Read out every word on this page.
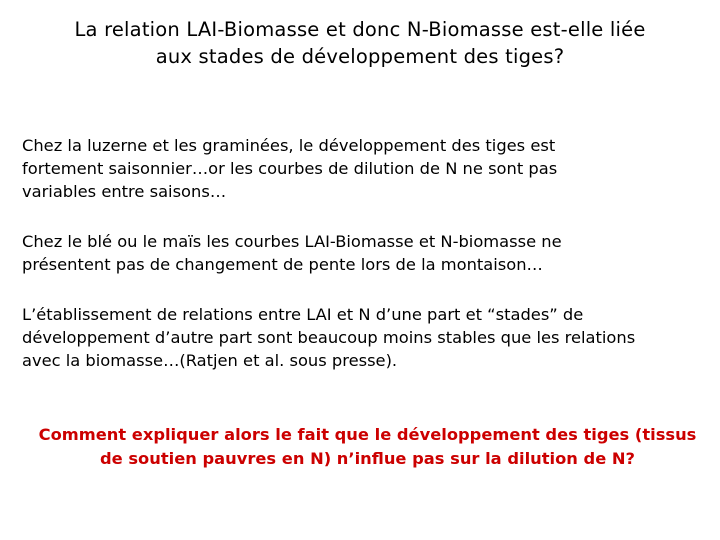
La relation LAI-Biomasse et donc N-Biomasse est-elle liée
aux stades de développement des tiges?
Chez la luzerne et les graminées, le développement des tiges est
fortement saisonnier…or les courbes de dilution de N ne sont pas
variables entre saisons…
Chez le blé ou le maïs les courbes LAI-Biomasse et N-biomasse ne
présentent pas de changement de pente lors de la montaison…
L’établissement de relations entre LAI et N d’une part et “stades” de
développement d’autre part sont beaucoup moins stables que les relations
avec la biomasse…(Ratjen et al. sous presse).
Comment expliquer alors le fait que le développement des tiges (tissus
de soutien pauvres en N) n’influe pas sur la dilution de N?
